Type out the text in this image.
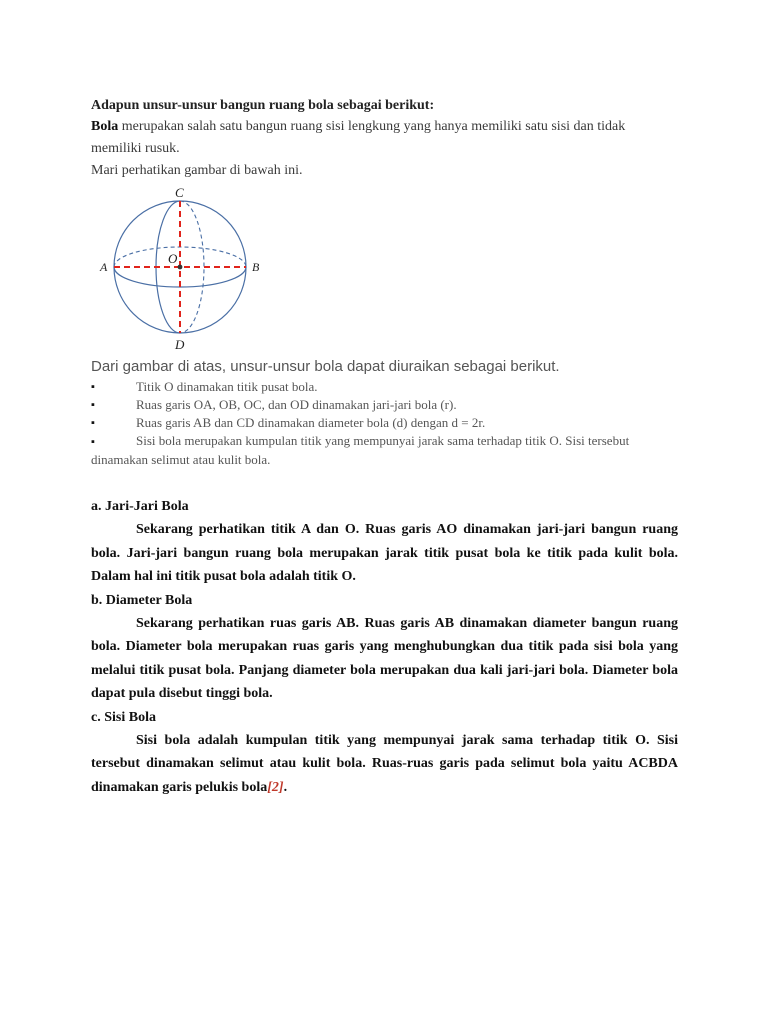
Adapun unsur-unsur bangun ruang bola sebagai berikut:

Bola merupakan salah satu bangun ruang sisi lengkung yang hanya memiliki satu sisi dan tidak memiliki rusuk.

Mari perhatikan gambar di bawah ini.

C
D
A	B
O

Dari gambar di atas, unsur-unsur bola dapat diuraikan sebagai berikut.

▪	Titik O dinamakan titik pusat bola.
▪	Ruas garis OA, OB, OC, dan OD dinamakan jari-jari bola (r).
▪	Ruas garis AB dan CD dinamakan diameter bola (d) dengan d = 2r.
▪	Sisi bola merupakan kumpulan titik yang mempunyai jarak sama terhadap titik O. Sisi tersebut dinamakan selimut atau kulit bola.

a. Jari-Jari Bola

Sekarang perhatikan titik A dan O. Ruas garis AO dinamakan jari-jari bangun ruang bola. Jari-jari bangun ruang bola merupakan jarak titik pusat bola ke titik pada kulit bola. Dalam hal ini titik pusat bola adalah titik O.

b. Diameter Bola

Sekarang perhatikan ruas garis AB. Ruas garis AB dinamakan diameter bangun ruang bola. Diameter bola merupakan ruas garis yang menghubungkan dua titik pada sisi bola yang melalui titik pusat bola. Panjang diameter bola merupakan dua kali jari-jari bola. Diameter bola dapat pula disebut tinggi bola.

c. Sisi Bola

Sisi bola adalah kumpulan titik yang mempunyai jarak sama terhadap titik O. Sisi tersebut dinamakan selimut atau kulit bola. Ruas-ruas garis pada selimut bola yaitu ACBDA dinamakan garis pelukis bola[2].
